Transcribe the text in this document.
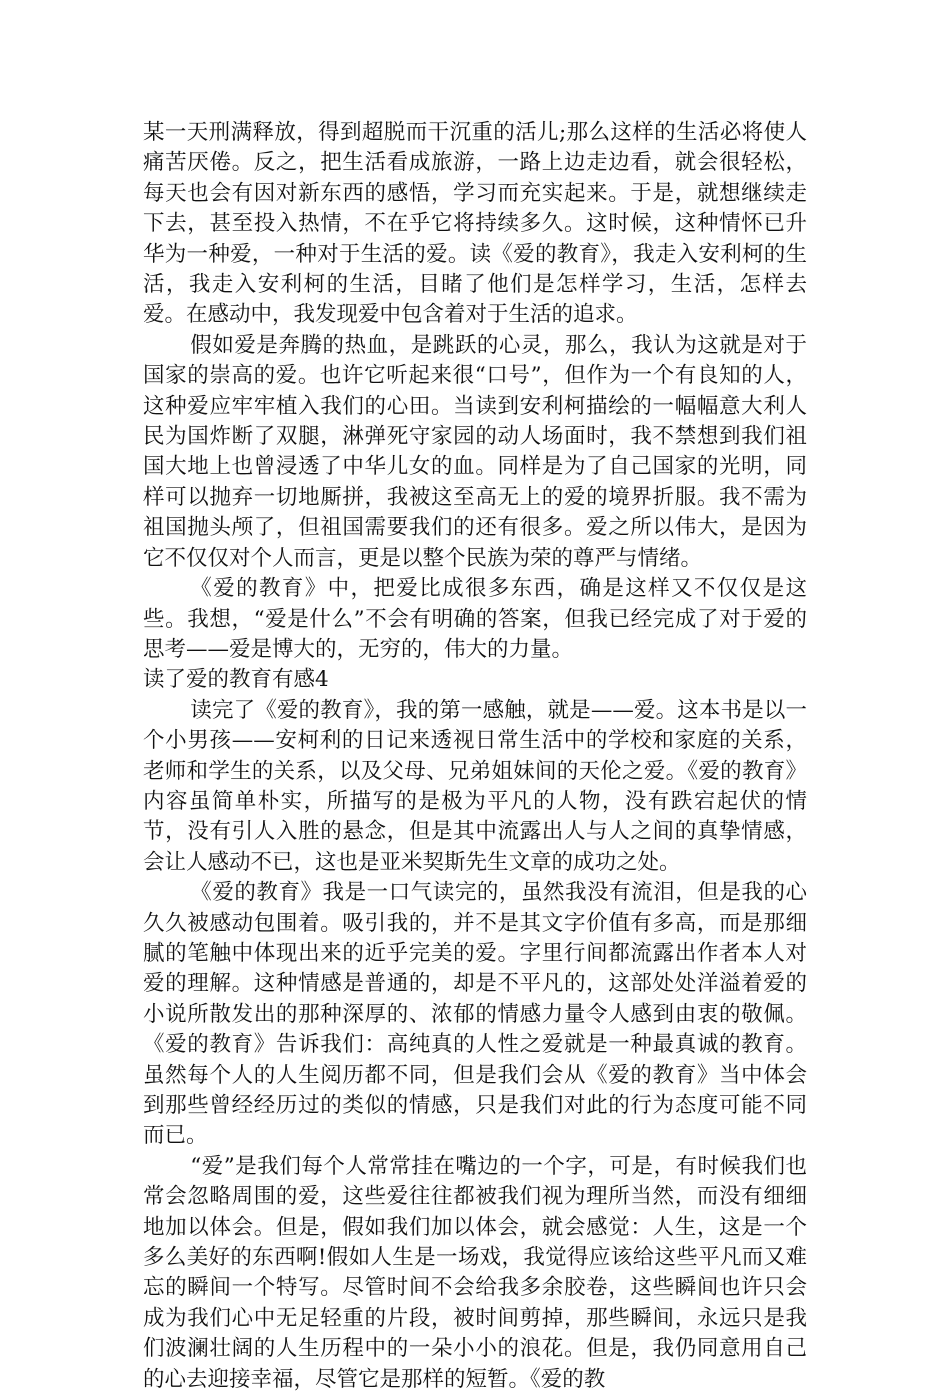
某一天刑满释放，得到超脱而干沉重的活儿;那么这样的生活必将使人痛苦厌倦。反之，把生活看成旅游，一路上边走边看，就会很轻松，每天也会有因对新东西的感悟，学习而充实起来。于是，就想继续走下去，甚至投入热情，不在乎它将持续多久。这时候，这种情怀已升华为一种爱，一种对于生活的爱。读《爱的教育》，我走入安利柯的生活，我走入安利柯的生活，目睹了他们是怎样学习，生活，怎样去爱。在感动中，我发现爱中包含着对于生活的追求。

假如爱是奔腾的热血，是跳跃的心灵，那么，我认为这就是对于国家的崇高的爱。也许它听起来很“口号”，但作为一个有良知的人，这种爱应牢牢植入我们的心田。当读到安利柯描绘的一幅幅意大利人民为国炸断了双腿，淋弹死守家园的动人场面时，我不禁想到我们祖国大地上也曾浸透了中华儿女的血。同样是为了自己国家的光明，同样可以抛弃一切地厮拼，我被这至高无上的爱的境界折服。我不需为祖国抛头颅了，但祖国需要我们的还有很多。爱之所以伟大，是因为它不仅仅对个人而言，更是以整个民族为荣的尊严与情绪。

《爱的教育》中，把爱比成很多东西，确是这样又不仅仅是这些。我想，“爱是什么”不会有明确的答案，但我已经完成了对于爱的思考——爱是博大的，无穷的，伟大的力量。

读了爱的教育有感4

读完了《爱的教育》，我的第一感触，就是——爱。这本书是以一个小男孩——安柯利的日记来透视日常生活中的学校和家庭的关系，老师和学生的关系，以及父母、兄弟姐妹间的天伦之爱。《爱的教育》内容虽简单朴实，所描写的是极为平凡的人物，没有跌宕起伏的情节，没有引人入胜的悬念，但是其中流露出人与人之间的真挚情感，会让人感动不已，这也是亚米契斯先生文章的成功之处。

《爱的教育》我是一口气读完的，虽然我没有流泪，但是我的心久久被感动包围着。吸引我的，并不是其文字价值有多高，而是那细腻的笔触中体现出来的近乎完美的爱。字里行间都流露出作者本人对爱的理解。这种情感是普通的，却是不平凡的，这部处处洋溢着爱的小说所散发出的那种深厚的、浓郁的情感力量令人感到由衷的敬佩。《爱的教育》告诉我们：高纯真的人性之爱就是一种最真诚的教育。虽然每个人的人生阅历都不同，但是我们会从《爱的教育》当中体会到那些曾经经历过的类似的情感，只是我们对此的行为态度可能不同而已。

“爱”是我们每个人常常挂在嘴边的一个字，可是，有时候我们也常会忽略周围的爱，这些爱往往都被我们视为理所当然，而没有细细地加以体会。但是，假如我们加以体会，就会感觉：人生，这是一个多么美好的东西啊!假如人生是一场戏，我觉得应该给这些平凡而又难忘的瞬间一个特写。尽管时间不会给我多余胶卷，这些瞬间也许只会成为我们心中无足轻重的片段，被时间剪掉，那些瞬间，永远只是我们波澜壮阔的人生历程中的一朵小小的浪花。但是，我仍同意用自己的心去迎接幸福，尽管它是那样的短暂。《爱的教
